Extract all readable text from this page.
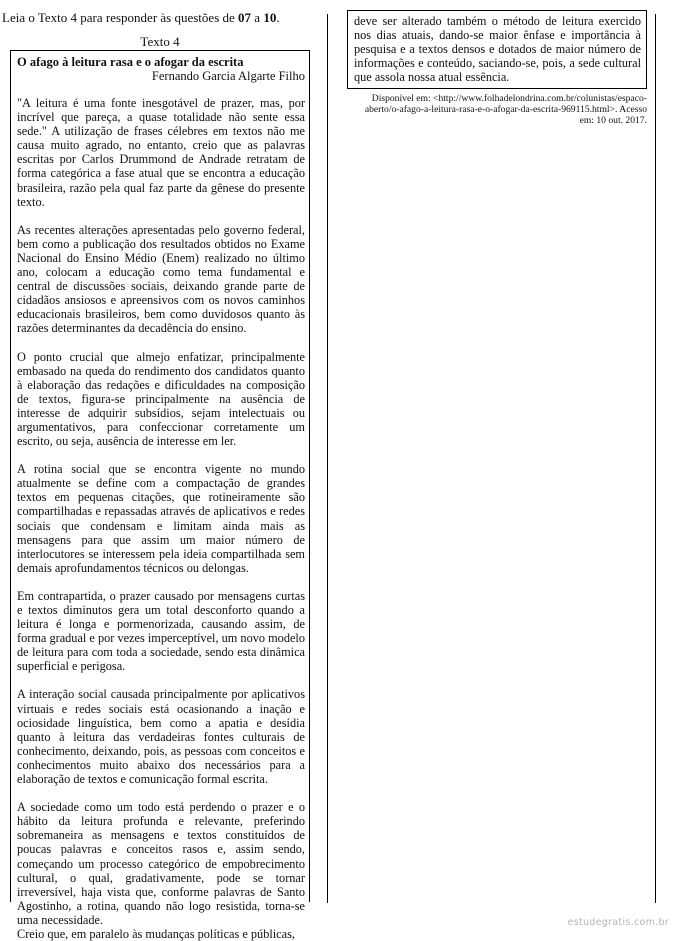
Leia o Texto 4 para responder às questões de 07 a 10.
Texto 4

O afago à leitura rasa e o afogar da escrita

Fernando Garcia Algarte Filho

"A leitura é uma fonte inesgotável de prazer, mas, por incrível que pareça, a quase totalidade não sente essa sede." A utilização de frases célebres em textos não me causa muito agrado, no entanto, creio que as palavras escritas por Carlos Drummond de Andrade retratam de forma categórica a fase atual que se encontra a educação brasileira, razão pela qual faz parte da gênese do presente texto.

As recentes alterações apresentadas pelo governo federal, bem como a publicação dos resultados obtidos no Exame Nacional do Ensino Médio (Enem) realizado no último ano, colocam a educação como tema fundamental e central de discussões sociais, deixando grande parte de cidadãos ansiosos e apreensivos com os novos caminhos educacionais brasileiros, bem como duvidosos quanto às razões determinantes da decadência do ensino.

O ponto crucial que almejo enfatizar, principalmente embasado na queda do rendimento dos candidatos quanto à elaboração das redações e dificuldades na composição de textos, figura-se principalmente na ausência de interesse de adquirir subsídios, sejam intelectuais ou argumentativos, para confeccionar corretamente um escrito, ou seja, ausência de interesse em ler.

A rotina social que se encontra vigente no mundo atualmente se define com a compactação de grandes textos em pequenas citações, que rotineiramente são compartilhadas e repassadas através de aplicativos e redes sociais que condensam e limitam ainda mais as mensagens para que assim um maior número de interlocutores se interessem pela ideia compartilhada sem demais aprofundamentos técnicos ou delongas.

Em contrapartida, o prazer causado por mensagens curtas e textos diminutos gera um total desconforto quando a leitura é longa e pormenorizada, causando assim, de forma gradual e por vezes imperceptível, um novo modelo de leitura para com toda a sociedade, sendo esta dinâmica superficial e perigosa.

A interação social causada principalmente por aplicativos virtuais e redes sociais está ocasionando a inação e ociosidade linguística, bem como a apatia e desídia quanto à leitura das verdadeiras fontes culturais de conhecimento, deixando, pois, as pessoas com conceitos e conhecimentos muito abaixo dos necessários para a elaboração de textos e comunicação formal escrita.

A sociedade como um todo está perdendo o prazer e o hábito da leitura profunda e relevante, preferindo sobremaneira as mensagens e textos constituídos de poucas palavras e conceitos rasos e, assim sendo, começando um processo categórico de empobrecimento cultural, o qual, gradativamente, pode se tornar irreversível, haja vista que, conforme palavras de Santo Agostinho, a rotina, quando não logo resistida, torna-se uma necessidade.

Creio que, em paralelo às mudanças políticas e públicas,

deve ser alterado também o método de leitura exercido nos dias atuais, dando-se maior ênfase e importância à pesquisa e a textos densos e dotados de maior número de informações e conteúdo, saciando-se, pois, a sede cultural que assola nossa atual essência.

Disponível em: <http://www.folhadelondrina.com.br/colunistas/espaco-aberto/o-afago-a-leitura-rasa-e-o-afogar-da-escrita-969115.html>. Acesso em: 10 out. 2017.
estudegratis.com.br
